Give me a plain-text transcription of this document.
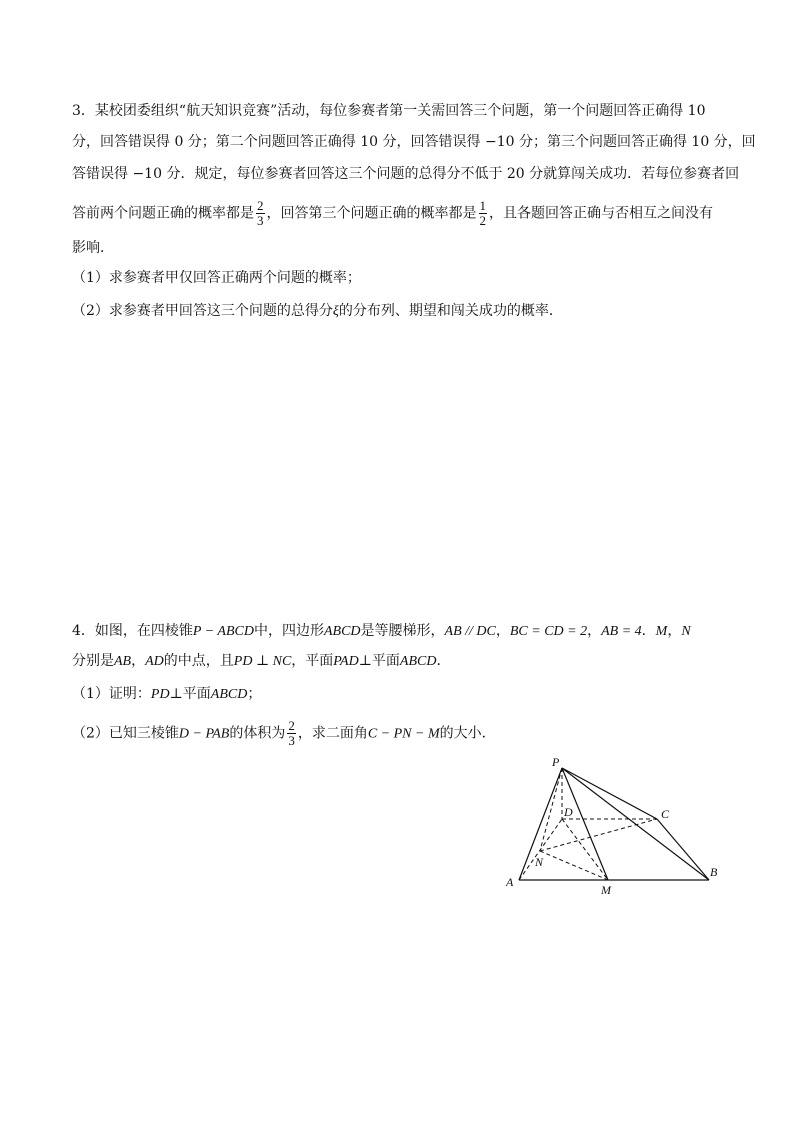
3．某校团委组织“航天知识竞赛”活动，每位参赛者第一关需回答三个问题，第一个问题回答正确得 10
分，回答错误得 0 分；第二个问题回答正确得 10 分，回答错误得 −10 分；第三个问题回答正确得 10 分，回
答错误得 −10 分．规定，每位参赛者回答这三个问题的总得分不低于 20 分就算闯关成功．若每位参赛者回
答前两个问题正确的概率都是 $\frac{2}{3}$ ，回答第三个问题正确的概率都是 $\frac{1}{2}$ ，且各题回答正确与否相互之间没有
影响．
（1）求参赛者甲仅回答正确两个问题的概率；
（2）求参赛者甲回答这三个问题的总得分ξ的分布列、期望和闯关成功的概率．
4．如图，在四棱锥P − ABCD中，四边形ABCD是等腰梯形，AB // DC，BC = CD = 2，AB = 4．M，N
分别是AB，AD的中点，且PD ⊥ NC，平面PAD⊥平面ABCD．
（1）证明：PD⊥平面ABCD；
（2）已知三棱锥D − PAB的体积为 $\frac{2}{3}$ ，求二面角C − PN − M的大小．
P
D	C
N
A
M
B
